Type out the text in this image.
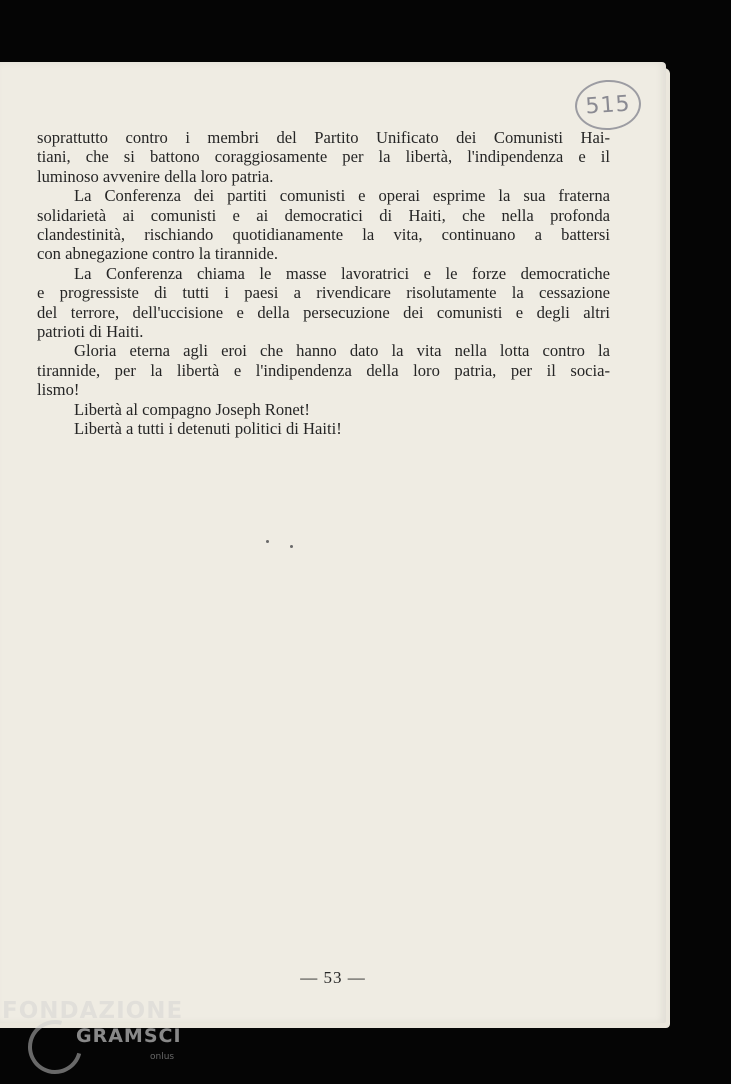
515
soprattutto contro i membri del Partito Unificato dei Comunisti Hai-
tiani, che si battono coraggiosamente per la libertà, l'indipendenza e il
luminoso avvenire della loro patria.
La Conferenza dei partiti comunisti e operai esprime la sua fraterna
solidarietà ai comunisti e ai democratici di Haiti, che nella profonda
clandestinità, rischiando quotidianamente la vita, continuano a battersi
con abnegazione contro la tirannide.
La Conferenza chiama le masse lavoratrici e le forze democratiche
e progressiste di tutti i paesi a rivendicare risolutamente la cessazione
del terrore, dell'uccisione e della persecuzione dei comunisti e degli altri
patrioti di Haiti.
Gloria eterna agli eroi che hanno dato la vita nella lotta contro la
tirannide, per la libertà e l'indipendenza della loro patria, per il socia-
lismo!
Libertà al compagno Joseph Ronet!
Libertà a tutti i detenuti politici di Haiti!
— 53 —
FONDAZIONE
GRAMSCI
onlus
